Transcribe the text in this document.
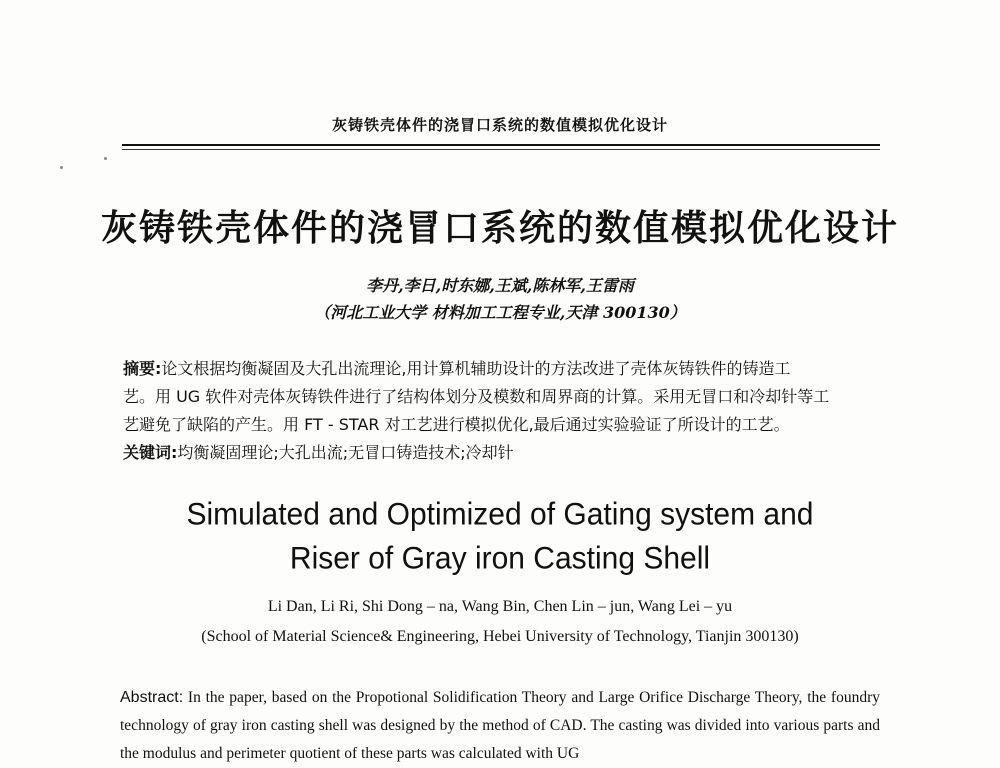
灰铸铁壳体件的浇冒口系统的数值模拟优化设计
灰铸铁壳体件的浇冒口系统的数值模拟优化设计
李丹,李日,时东娜,王斌,陈林军,王雷雨
（河北工业大学 材料加工工程专业,天津 300130）

摘要:论文根据均衡凝固及大孔出流理论,用计算机辅助设计的方法改进了壳体灰铸铁件的铸造工

艺。用 UG 软件对壳体灰铸铁件进行了结构体划分及模数和周界商的计算。采用无冒口和冷却针等工

艺避免了缺陷的产生。用 FT - STAR 对工艺进行模拟优化,最后通过实验验证了所设计的工艺。

关键词:均衡凝固理论;大孔出流;无冒口铸造技术;冷却针

Simulated and Optimized of Gating system and
Riser of Gray iron Casting Shell
Li Dan, Li Ri, Shi Dong – na, Wang Bin, Chen Lin – jun, Wang Lei – yu
(School of Material Science& Engineering, Hebei University of Technology, Tianjin 300130)
Abstract: In the paper, based on the Propotional Solidification Theory and Large Orifice Discharge Theory, the foundry technology of gray iron casting shell was designed by the method of CAD. The casting was divided into various parts and the modulus and perimeter quotient of these parts was calculated with UG
